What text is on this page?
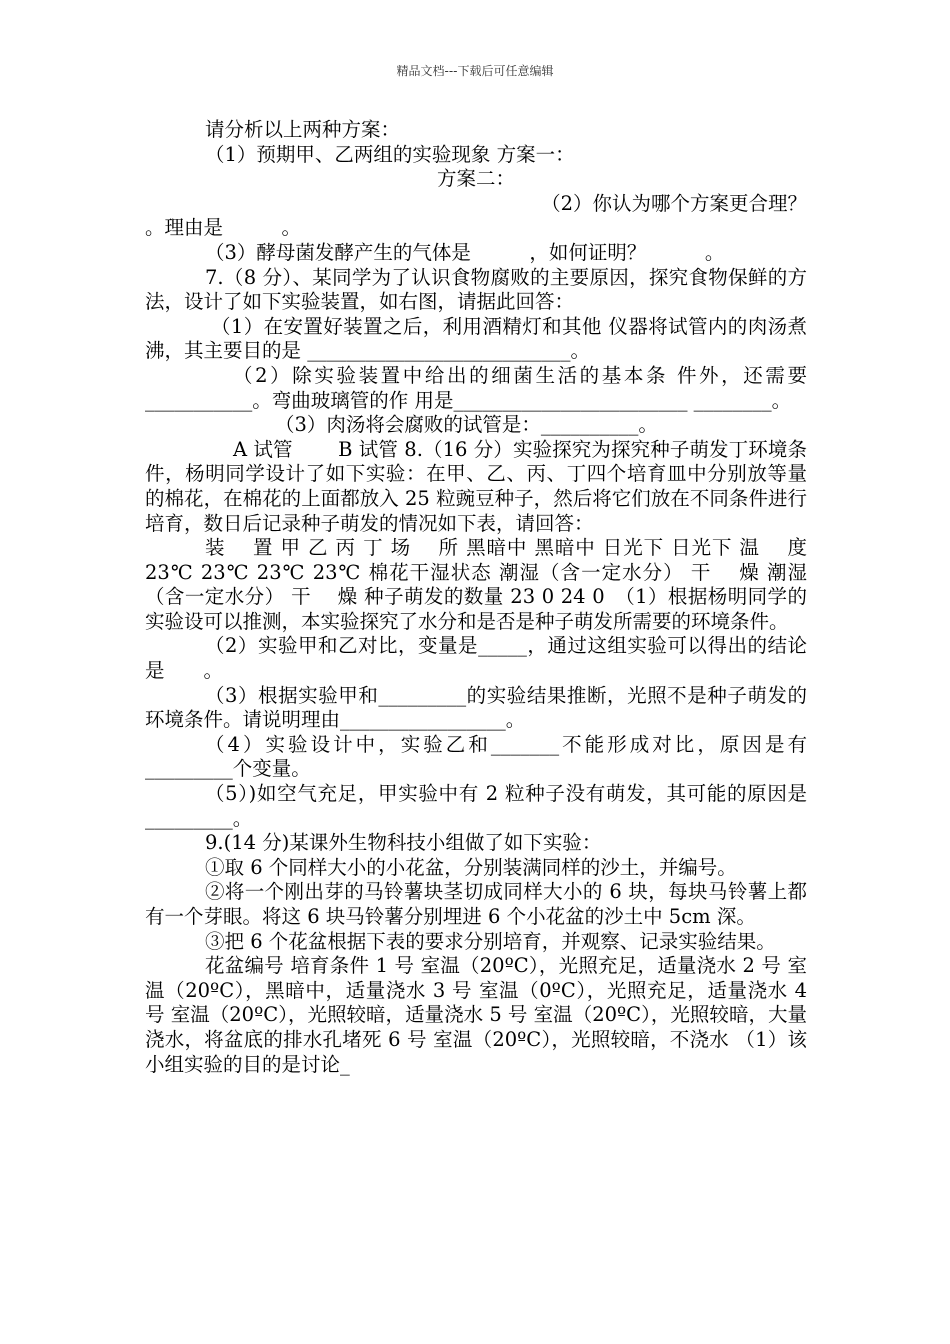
精品文档---下载后可任意编辑

请分析以上两种方案：

（1）预期甲、乙两组的实验现象 方案一：

方案二：

（2）你认为哪个方案更合理？

。理由是　　　。

（3）酵母菌发酵产生的气体是　　　，如何证明？　　　。

7.（8 分）、某同学为了认识食物腐败的主要原因，探究食物保鲜的方法，设计了如下实验装置，如右图，请据此回答：

（1）在安置好装置之后，利用酒精灯和其他 仪器将试管内的肉汤煮沸，其主要目的是 ___________________________。

（2）除实验装置中给出的细菌生活的基本条 件外，还需要___________。弯曲玻璃管的作 用是________________________ ________。

（3）肉汤将会腐败的试管是：__________。

A 试管　　 B 试管 8.（16 分）实验探究为探究种子萌发丁环境条件，杨明同学设计了如下实验：在甲、乙、丙、丁四个培育皿中分别放等量的棉花，在棉花的上面都放入 25 粒豌豆种子，然后将它们放在不同条件进行培育，数日后记录种子萌发的情况如下表，请回答：

装　 置 甲 乙 丙 丁 场　 所 黑暗中 黑暗中 日光下 日光下 温　 度 23℃ 23℃ 23℃ 23℃ 棉花干湿状态 潮湿（含一定水分） 干　 燥 潮湿（含一定水分） 干　 燥 种子萌发的数量 23 0 24 0　（1）根据杨明同学的实验设可以推测，本实验探究了水分和是否是种子萌发所需要的环境条件。

（2）实验甲和乙对比，变量是_____，通过这组实验可以得出的结论是　　。

（3）根据实验甲和_________的实验结果推断，光照不是种子萌发的环境条件。请说明理由_________________。

（4）实验设计中，实验乙和_______不能形成对比，原因是有_________个变量。

（5）)如空气充足，甲实验中有 2 粒种子没有萌发，其可能的原因是_________。

9.(14 分)某课外生物科技小组做了如下实验：

①取 6 个同样大小的小花盆，分别装满同样的沙土，并编号。

②将一个刚出芽的马铃薯块茎切成同样大小的 6 块，每块马铃薯上都有一个芽眼。将这 6 块马铃薯分别埋进 6 个小花盆的沙土中 5cm 深。

③把 6 个花盆根据下表的要求分别培育，并观察、记录实验结果。

花盆编号 培育条件 1 号 室温（20ºC），光照充足，适量浇水 2 号 室温（20ºC），黑暗中，适量浇水 3 号 室温（0ºC），光照充足，适量浇水 4 号 室温（20ºC），光照较暗，适量浇水 5 号 室温（20ºC），光照较暗，大量浇水，将盆底的排水孔堵死 6 号 室温（20ºC），光照较暗，不浇水 （1）该小组实验的目的是讨论_
